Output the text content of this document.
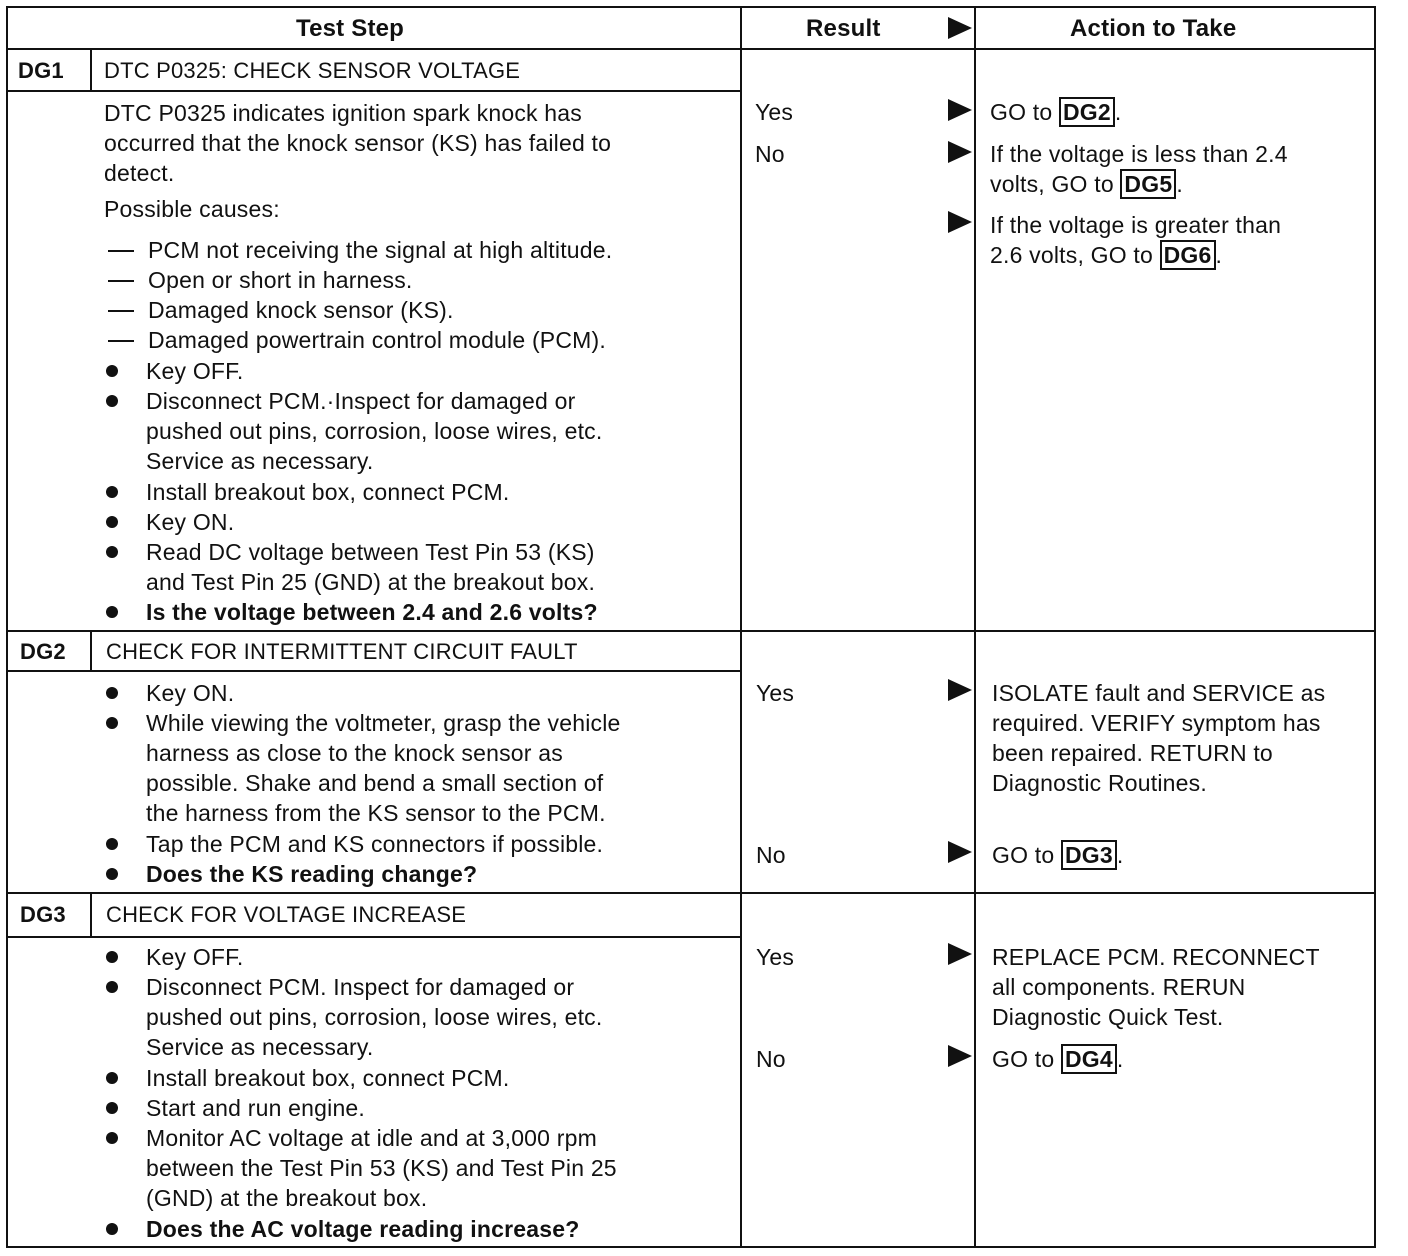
Test Step	Result	Action to Take
DG1 DTC P0325: CHECK SENSOR VOLTAGE
DTC P0325 indicates ignition spark knock has
occurred that the knock sensor (KS) has failed to
detect.
Possible causes:
PCM not receiving the signal at high altitude.
Open or short in harness.
Damaged knock sensor (KS).
Damaged powertrain control module (PCM).
Key OFF.
Disconnect PCM.·Inspect for damaged or
pushed out pins, corrosion, loose wires, etc.
Service as necessary.
Install breakout box, connect PCM.
Key ON.
Read DC voltage between Test Pin 53 (KS)
and Test Pin 25 (GND) at the breakout box.
Is the voltage between 2.4 and 2.6 volts?
Yes
No
GO to DG2 .
If the voltage is less than 2.4
volts, GO to DG5 .
If the voltage is greater than
2.6 volts, GO to DG6 .
DG2 CHECK FOR INTERMITTENT CIRCUIT FAULT
Key ON.
While viewing the voltmeter, grasp the vehicle
harness as close to the knock sensor as
possible. Shake and bend a small section of
the harness from the KS sensor to the PCM.
Tap the PCM and KS connectors if possible.
Does the KS reading change?
Yes
No
ISOLATE fault and SERVICE as
required. VERIFY symptom has
been repaired. RETURN to
Diagnostic Routines.
GO to DG3 .
DG3 CHECK FOR VOLTAGE INCREASE
Key OFF.
Disconnect PCM. Inspect for damaged or
pushed out pins, corrosion, loose wires, etc.
Service as necessary.
Install breakout box, connect PCM.
Start and run engine.
Monitor AC voltage at idle and at 3,000 rpm
between the Test Pin 53 (KS) and Test Pin 25
(GND) at the breakout box.
Does the AC voltage reading increase?
Yes
No
REPLACE PCM. RECONNECT
all components. RERUN
Diagnostic Quick Test.
GO to DG4 .
